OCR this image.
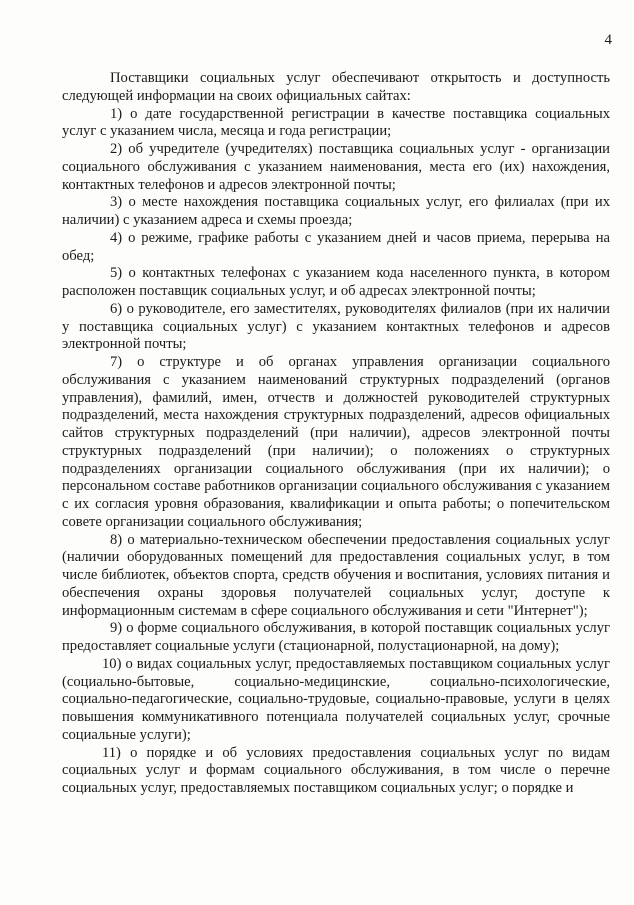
4

Поставщики социальных услуг обеспечивают открытость и доступность следующей информации на своих официальных сайтах:

1) о дате государственной регистрации в качестве поставщика социальных услуг с указанием числа, месяца и года регистрации;

2) об учредителе (учредителях) поставщика социальных услуг - организации социального обслуживания с указанием наименования, места его (их) нахождения, контактных телефонов и адресов электронной почты;

3) о месте нахождения поставщика социальных услуг, его филиалах (при их наличии) с указанием адреса и схемы проезда;

4) о режиме, графике работы с указанием дней и часов приема, перерыва на обед;

5) о контактных телефонах с указанием кода населенного пункта, в котором расположен поставщик социальных услуг, и об адресах электронной почты;

6) о руководителе, его заместителях, руководителях филиалов (при их наличии у поставщика социальных услуг) с указанием контактных телефонов и адресов электронной почты;

7) о структуре и об органах управления организации социального обслуживания с указанием наименований структурных подразделений (органов управления), фамилий, имен, отчеств и должностей руководителей структурных подразделений, места нахождения структурных подразделений, адресов официальных сайтов структурных подразделений (при наличии), адресов электронной почты структурных подразделений (при наличии); о положениях о структурных подразделениях организации социального обслуживания (при их наличии); о персональном составе работников организации социального обслуживания с указанием с их согласия уровня образования, квалификации и опыта работы; о попечительском совете организации социального обслуживания;

8) о материально-техническом обеспечении предоставления социальных услуг (наличии оборудованных помещений для предоставления социальных услуг, в том числе библиотек, объектов спорта, средств обучения и воспитания, условиях питания и обеспечения охраны здоровья получателей социальных услуг, доступе к информационным системам в сфере социального обслуживания и сети "Интернет");

9) о форме социального обслуживания, в которой поставщик социальных услуг предоставляет социальные услуги (стационарной, полустационарной, на дому);

10) о видах социальных услуг, предоставляемых поставщиком социальных услуг (социально-бытовые, социально-медицинские, социально-психологические, социально-педагогические, социально-трудовые, социально-правовые, услуги в целях повышения коммуникативного потенциала получателей социальных услуг, срочные социальные услуги);

11) о порядке и об условиях предоставления социальных услуг по видам социальных услуг и формам социального обслуживания, в том числе о перечне социальных услуг, предоставляемых поставщиком социальных услуг; о порядке и
